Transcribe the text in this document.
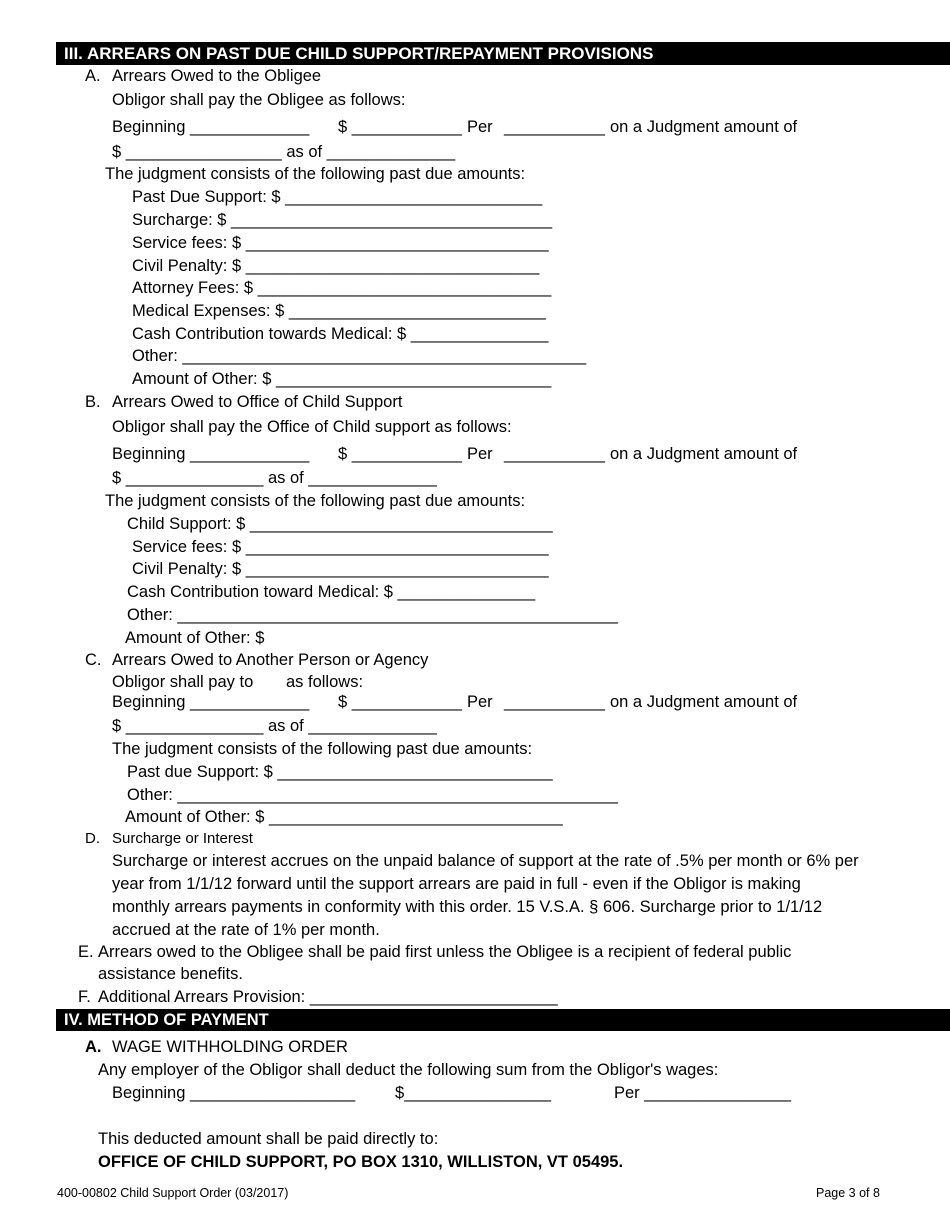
III. ARREARS ON PAST DUE CHILD SUPPORT/REPAYMENT PROVISIONS
A. Arrears Owed to the Obligee
Obligor shall pay the Obligee as follows:
Beginning _____________ $ ____________ Per ___________ on a Judgment amount of
$ _________________ as of ______________
The judgment consists of the following past due amounts:
Past Due Support: $ ____________________________
Surcharge: $ ___________________________________
Service fees: $ _________________________________
Civil Penalty: $ ________________________________
Attorney Fees: $ ________________________________
Medical Expenses: $ ____________________________
Cash Contribution towards Medical: $ _______________
Other: ____________________________________________
Amount of Other: $ ______________________________
B. Arrears Owed to Office of Child Support
Obligor shall pay the Office of Child support as follows:
Beginning _____________ $ ____________ Per ___________ on a Judgment amount of
$ _______________ as of ______________
The judgment consists of the following past due amounts:
Child Support: $ _________________________________
Service fees: $ _________________________________
Civil Penalty: $ _________________________________
Cash Contribution toward Medical: $ _______________
Other: ________________________________________________
Amount of Other: $
C. Arrears Owed to Another Person or Agency
Obligor shall pay to as follows:
Beginning _____________ $ ____________ Per ___________ on a Judgment amount of
$ _______________ as of ______________
The judgment consists of the following past due amounts:
Past due Support: $ ______________________________
Other: ________________________________________________
Amount of Other: $ ________________________________
D. Surcharge or Interest
Surcharge or interest accrues on the unpaid balance of support at the rate of .5% per month or 6% per
year from 1/1/12 forward until the support arrears are paid in full - even if the Obligor is making
monthly arrears payments in conformity with this order. 15 V.S.A. § 606. Surcharge prior to 1/1/12
accrued at the rate of 1% per month.
E. Arrears owed to the Obligee shall be paid first unless the Obligee is a recipient of federal public
assistance benefits.
F. Additional Arrears Provision: ___________________________
IV. METHOD OF PAYMENT
A. WAGE WITHHOLDING ORDER
Any employer of the Obligor shall deduct the following sum from the Obligor's wages:
Beginning __________________ $________________	Per ________________
This deducted amount shall be paid directly to:
OFFICE OF CHILD SUPPORT, PO BOX 1310, WILLISTON, VT 05495.
400-00802 Child Support Order (03/2017)	Page 3 of 8
